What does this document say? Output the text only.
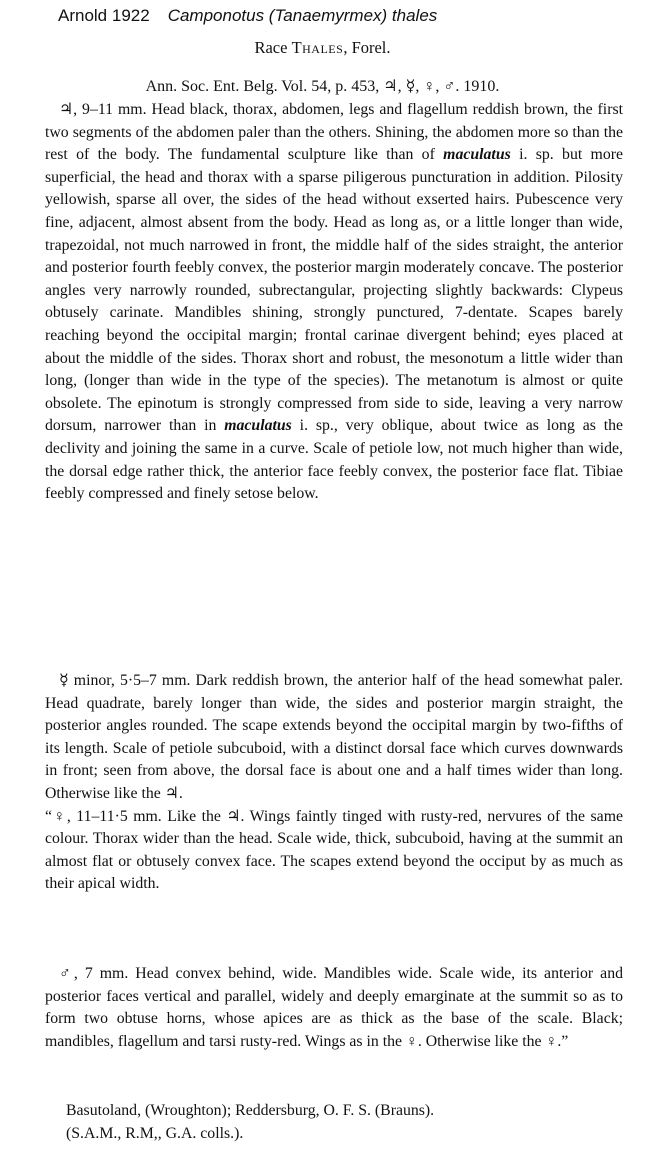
Arnold 1922 Camponotus (Tanaemyrmex) thales
Race Thales, Forel.
Ann. Soc. Ent. Belg. Vol. 54, p. 453, ♃, ☿, ♀, ♂. 1910.

♃, 9–11 mm. Head black, thorax, abdomen, legs and flagellum reddish brown, the first two segments of the abdomen paler than the others. Shining, the abdomen more so than the rest of the body. The fundamental sculpture like than of maculatus i. sp. but more superficial, the head and thorax with a sparse piligerous puncturation in addition. Pilosity yellowish, sparse all over, the sides of the head without exserted hairs. Pubescence very fine, adjacent, almost absent from the body. Head as long as, or a little longer than wide, trapezoidal, not much narrowed in front, the middle half of the sides straight, the anterior and posterior fourth feebly convex, the posterior margin moderately concave. The posterior angles very narrowly rounded, subrectangular, projecting slightly backwards: Clypeus obtusely carinate. Mandibles shining, strongly punctured, 7-dentate. Scapes barely reaching beyond the occipital margin; frontal carinae divergent behind; eyes placed at about the middle of the sides. Thorax short and robust, the mesonotum a little wider than long, (longer than wide in the type of the species). The metanotum is almost or quite obsolete. The epinotum is strongly compressed from side to side, leaving a very narrow dorsum, narrower than in maculatus i. sp., very oblique, about twice as long as the declivity and joining the same in a curve. Scale of petiole low, not much higher than wide, the dorsal edge rather thick, the anterior face feebly convex, the posterior face flat. Tibiae feebly compressed and finely setose below.

☿ minor, 5·5–7 mm. Dark reddish brown, the anterior half of the head somewhat paler. Head quadrate, barely longer than wide, the sides and posterior margin straight, the posterior angles rounded. The scape extends beyond the occipital margin by two-fifths of its length. Scale of petiole subcuboid, with a distinct dorsal face which curves downwards in front; seen from above, the dorsal face is about one and a half times wider than long. Otherwise like the ♃.
“♀, 11–11·5 mm. Like the ♃. Wings faintly tinged with rusty-red, nervures of the same colour. Thorax wider than the head. Scale wide, thick, subcuboid, having at the summit an almost flat or obtusely convex face. The scapes extend beyond the occiput by as much as their apical width.

♂, 7 mm. Head convex behind, wide. Mandibles wide. Scale wide, its anterior and posterior faces vertical and parallel, widely and deeply emarginate at the summit so as to form two obtuse horns, whose apices are as thick as the base of the scale. Black; mandibles, flagellum and tarsi rusty-red. Wings as in the ♀. Otherwise like the ♀.”

Basutoland, (Wroughton); Reddersburg, O. F. S. (Brauns).

(S.A.M., R.M,, G.A. colls.).
